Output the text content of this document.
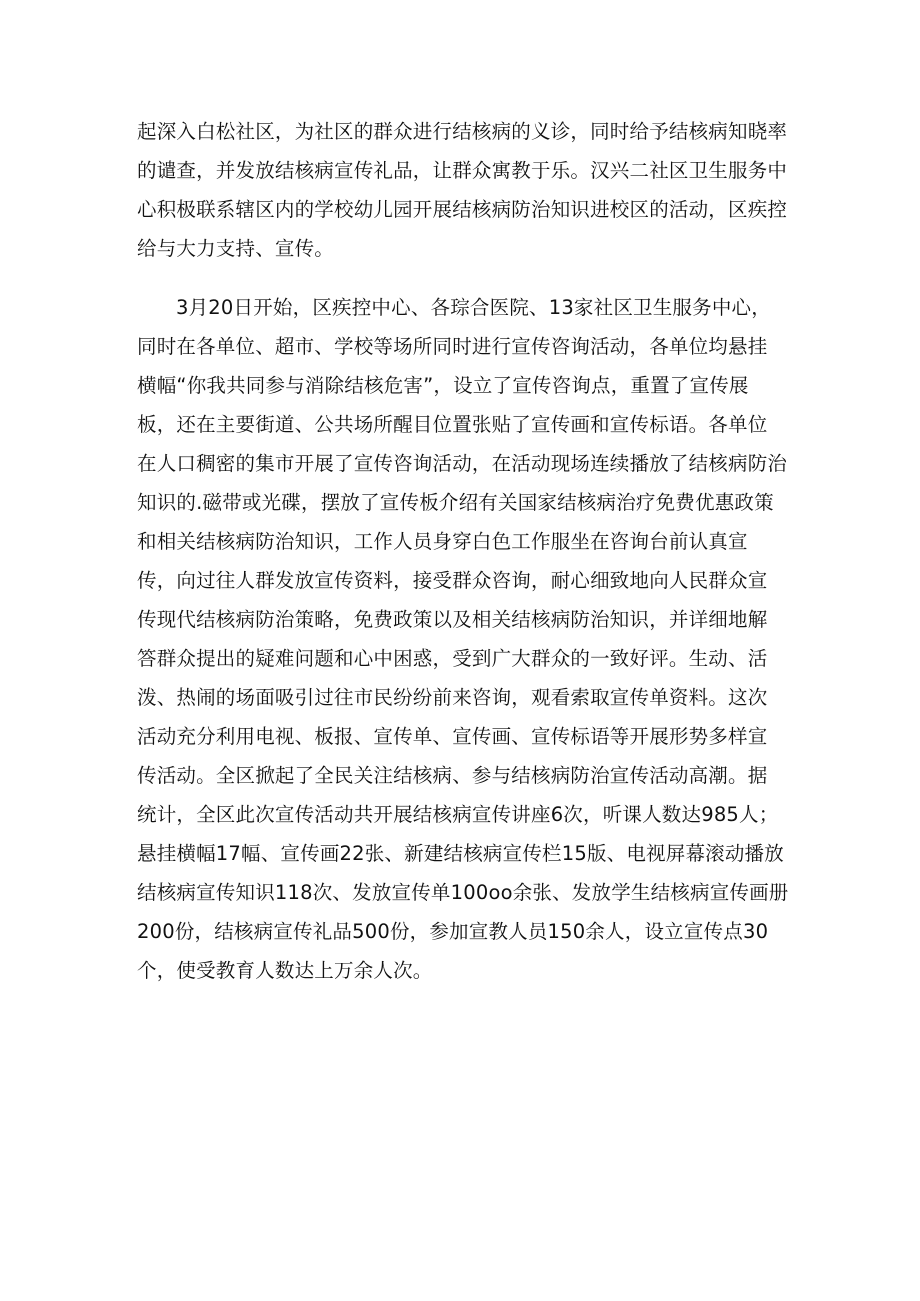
起深入白松社区，为社区的群众进行结核病的义诊，同时给予结核病知晓率
的谴查，并发放结核病宣传礼品，让群众寓教于乐。汉兴二社区卫生服务中
心积极联系辖区内的学校幼儿园开展结核病防治知识进校区的活动，区疾控
给与大力支持、宣传。
3月20日开始，区疾控中心、各琮合医院、13家社区卫生服务中心，
同时在各单位、超市、学校等场所同时进行宣传咨询活动，各单位均悬挂
横幅“你我共同参与消除结核危害”，设立了宣传咨询点，重置了宣传展
板，还在主要街道、公共场所醒目位置张贴了宣传画和宣传标语。各单位
在人口稠密的集市开展了宣传咨询活动，在活动现场连续播放了结核病防治
知识的.磁带或光碟，摆放了宣传板介绍有关国家结核病治疗免费优惠政策
和相关结核病防治知识，工作人员身穿白色工作服坐在咨询台前认真宣
传，向过往人群发放宣传资料，接受群众咨询，耐心细致地向人民群众宣
传现代结核病防治策略，免费政策以及相关结核病防治知识，并详细地解
答群众提出的疑难问题和心中困惑，受到广大群众的一致好评。生动、活
泼、热闹的场面吸引过往市民纷纷前来咨询，观看索取宣传单资料。这次
活动充分利用电视、板报、宣传单、宣传画、宣传标语等开展形势多样宣
传活动。全区掀起了全民关注结核病、参与结核病防治宣传活动高潮。据
统计，全区此次宣传活动共开展结核病宣传讲座6次，听课人数达985人；
悬挂横幅17幅、宣传画22张、新建结核病宣传栏15版、电视屏幕滚动播放
结核病宣传知识118次、发放宣传单100oo余张、发放学生结核病宣传画册
200份，结核病宣传礼品500份，参加宣教人员150余人，设立宣传点30
个，使受教育人数达上万余人次。
